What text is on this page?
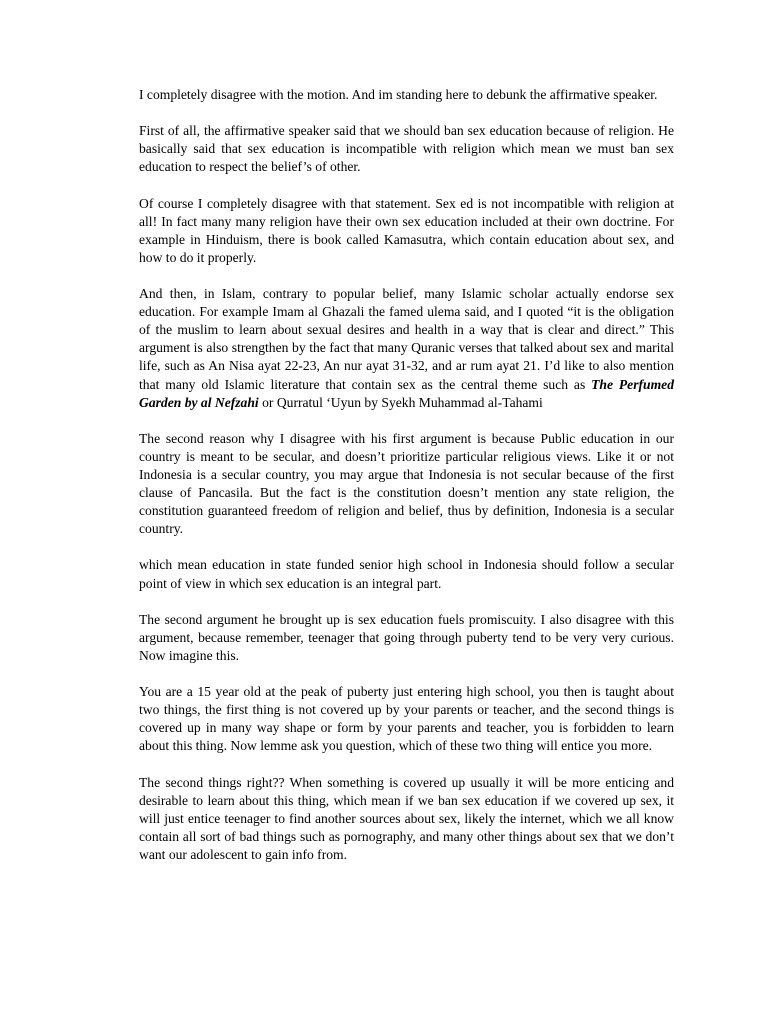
I completely disagree with the motion. And im standing here to debunk the affirmative speaker.

First of all, the affirmative speaker said that we should ban sex education because of religion. He basically said that sex education is incompatible with religion which mean we must ban sex education to respect the belief’s of other.

Of course I completely disagree with that statement. Sex ed is not incompatible with religion at all! In fact many many religion have their own sex education included at their own doctrine. For example in Hinduism, there is book called Kamasutra, which contain education about sex, and how to do it properly.

And then, in Islam, contrary to popular belief, many Islamic scholar actually endorse sex education. For example Imam al Ghazali the famed ulema said, and I quoted “it is the obligation of the muslim to learn about sexual desires and health in a way that is clear and direct.” This argument is also strengthen by the fact that many Quranic verses that talked about sex and marital life, such as An Nisa ayat 22-23, An nur ayat 31-32, and ar rum ayat 21. I’d like to also mention that many old Islamic literature that contain sex as the central theme such as The Perfumed Garden by al Nefzahi or Qurratul ‘Uyun by Syekh Muhammad al-Tahami

The second reason why I disagree with his first argument is because Public education in our country is meant to be secular, and doesn’t prioritize particular religious views. Like it or not Indonesia is a secular country, you may argue that Indonesia is not secular because of the first clause of Pancasila. But the fact is the constitution doesn’t mention any state religion, the constitution guaranteed freedom of religion and belief, thus by definition, Indonesia is a secular country.

which mean education in state funded senior high school in Indonesia should follow a secular point of view in which sex education is an integral part.

The second argument he brought up is sex education fuels promiscuity. I also disagree with this argument, because remember, teenager that going through puberty tend to be very very curious. Now imagine this.

You are a 15 year old at the peak of puberty just entering high school, you then is taught about two things, the first thing is not covered up by your parents or teacher, and the second things is covered up in many way shape or form by your parents and teacher, you is forbidden to learn about this thing. Now lemme ask you question, which of these two thing will entice you more.

The second things right?? When something is covered up usually it will be more enticing and desirable to learn about this thing, which mean if we ban sex education if we covered up sex, it will just entice teenager to find another sources about sex, likely the internet, which we all know contain all sort of bad things such as pornography, and many other things about sex that we don’t want our adolescent to gain info from.
